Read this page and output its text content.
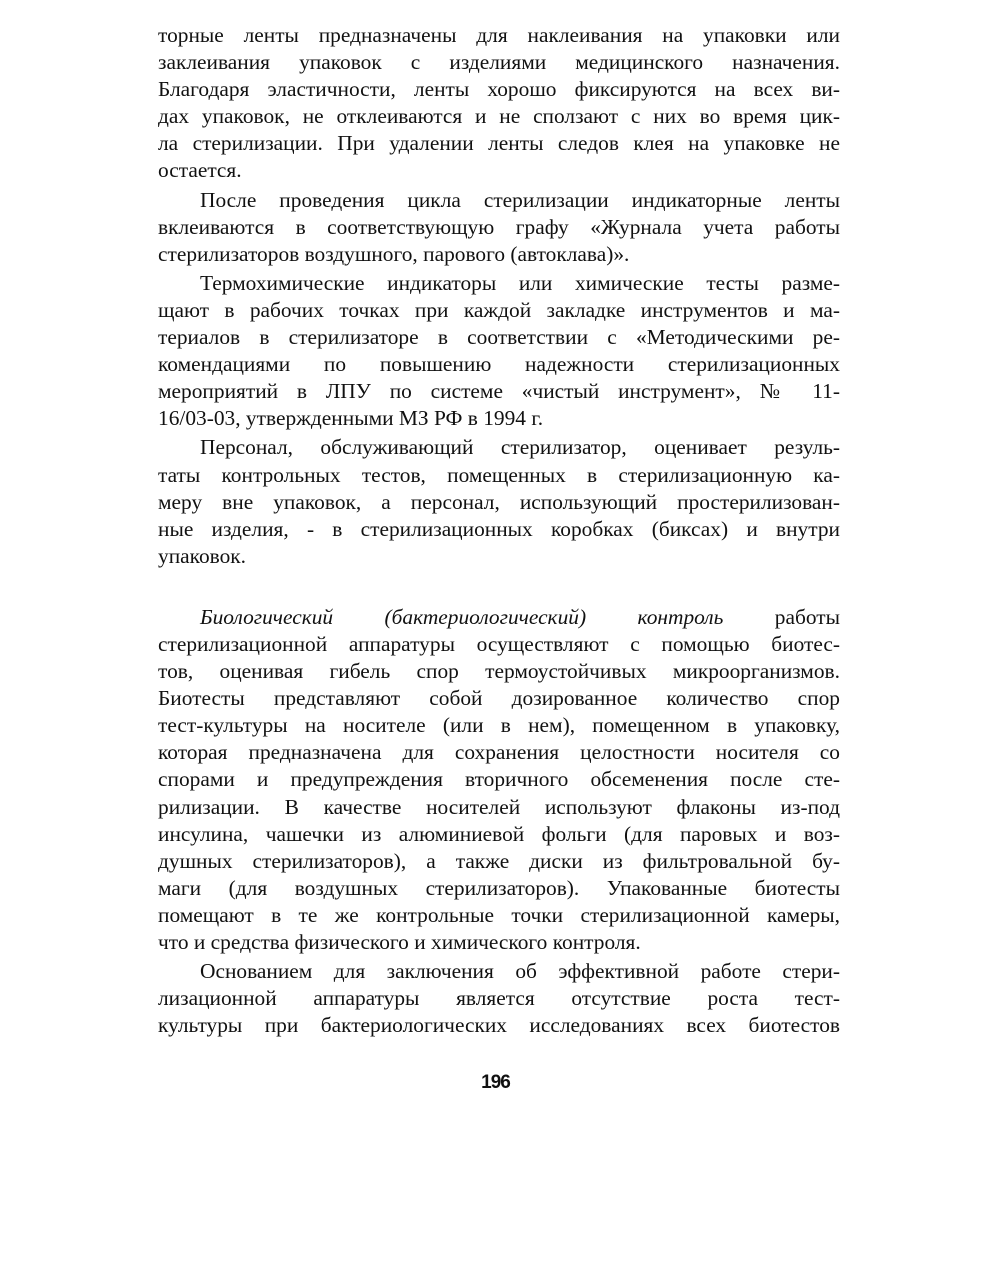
торные ленты предназначены для наклеивания на упаковки или
заклеивания упаковок с изделиями медицинского назначения.
Благодаря эластичности, ленты хорошо фиксируются на всех ви-
дах упаковок, не отклеиваются и не сползают с них во время цик-
ла стерилизации. При удалении ленты следов клея на упаковке не
остается.
После проведения цикла стерилизации индикаторные ленты
вклеиваются в соответствующую графу «Журнала учета работы
стерилизаторов воздушного, парового (автоклава)».
Термохимические индикаторы или химические тесты разме-
щают в рабочих точках при каждой закладке инструментов и ма-
териалов в стерилизаторе в соответствии с «Методическими ре-
комендациями по повышению надежности стерилизационных
мероприятий в ЛПУ по системе «чистый инструмент», № 11-
16/03-03, утвержденными МЗ РФ в 1994 г.
Персонал, обслуживающий стерилизатор, оценивает резуль-
таты контрольных тестов, помещенных в стерилизационную ка-
меру вне упаковок, а персонал, использующий простерилизован-
ные изделия, - в стерилизационных коробках (биксах) и внутри
упаковок.
Биологический (бактериологический) контроль работы
стерилизационной аппаратуры осуществляют с помощью биотес-
тов, оценивая гибель спор термоустойчивых микроорганизмов.
Биотесты представляют собой дозированное количество спор
тест-культуры на носителе (или в нем), помещенном в упаковку,
которая предназначена для сохранения целостности носителя со
спорами и предупреждения вторичного обсеменения после сте-
рилизации. В качестве носителей используют флаконы из-под
инсулина, чашечки из алюминиевой фольги (для паровых и воз-
душных стерилизаторов), а также диски из фильтровальной бу-
маги (для воздушных стерилизаторов). Упакованные биотесты
помещают в те же контрольные точки стерилизационной камеры,
что и средства физического и химического контроля.
Основанием для заключения об эффективной работе стери-
лизационной аппаратуры является отсутствие роста тест-
культуры при бактериологических исследованиях всех биотестов
196
